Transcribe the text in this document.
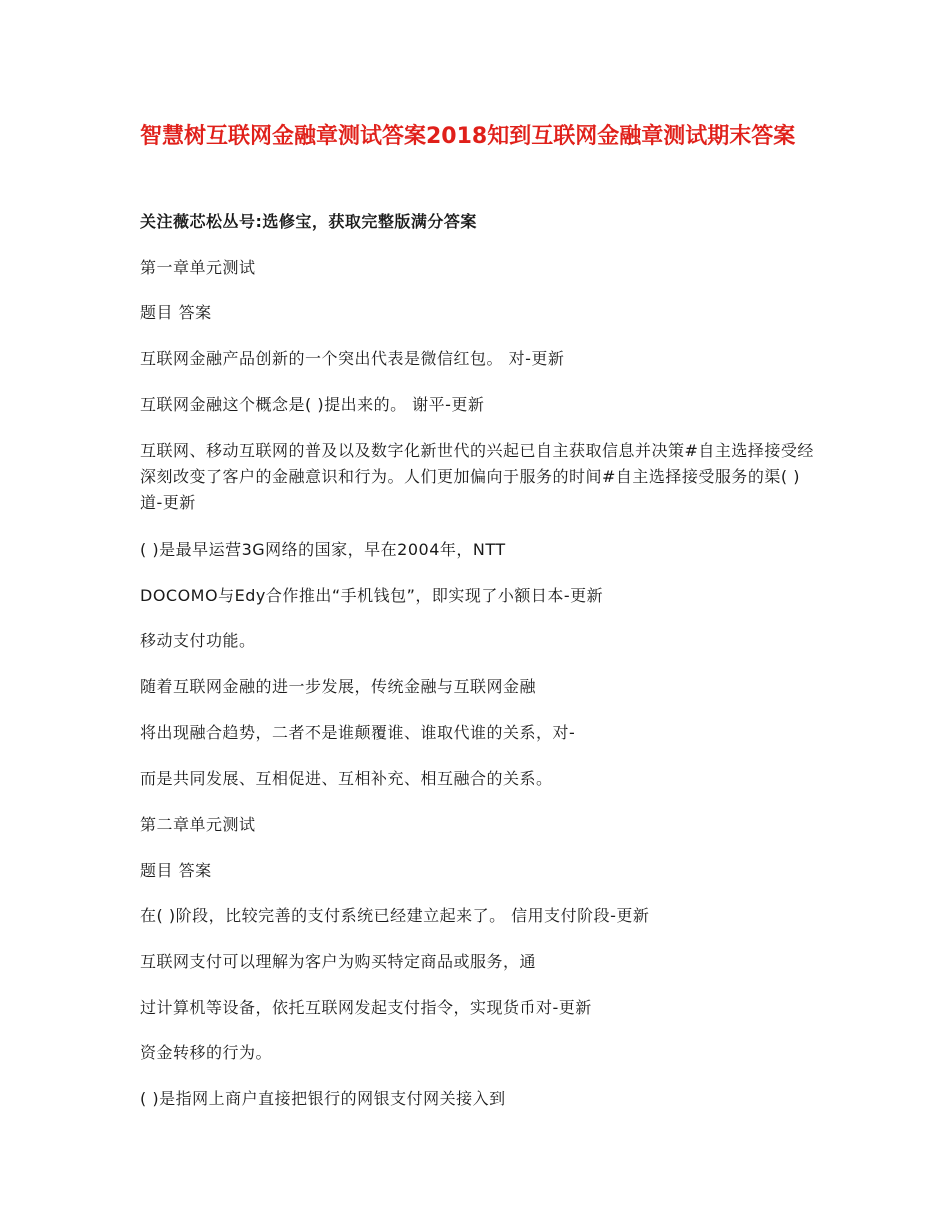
智慧树互联网金融章测试答案2018知到互联网金融章测试期末答案

关注薇芯松丛号:选修宝，获取完整版满分答案

第一章单元测试

题目 答案

互联网金融产品创新的一个突出代表是微信红包。 对-更新

互联网金融这个概念是( )提出来的。 谢平-更新

互联网、移动互联网的普及以及数字化新世代的兴起已自主获取信息并决策#自主选择接受经深刻改变了客户的金融意识和行为。人们更加偏向于服务的时间#自主选择接受服务的渠( ) 道-更新

( )是最早运营3G网络的国家，早在2004年，NTT

DOCOMO与Edy合作推出“手机钱包”，即实现了小额日本-更新

移动支付功能。

随着互联网金融的进一步发展，传统金融与互联网金融

将出现融合趋势，二者不是谁颠覆谁、谁取代谁的关系，对-

而是共同发展、互相促进、互相补充、相互融合的关系。

第二章单元测试

题目 答案

在( )阶段，比较完善的支付系统已经建立起来了。 信用支付阶段-更新

互联网支付可以理解为客户为购买特定商品或服务，通

过计算机等设备，依托互联网发起支付指令，实现货币对-更新

资金转移的行为。

( )是指网上商户直接把银行的网银支付网关接入到
